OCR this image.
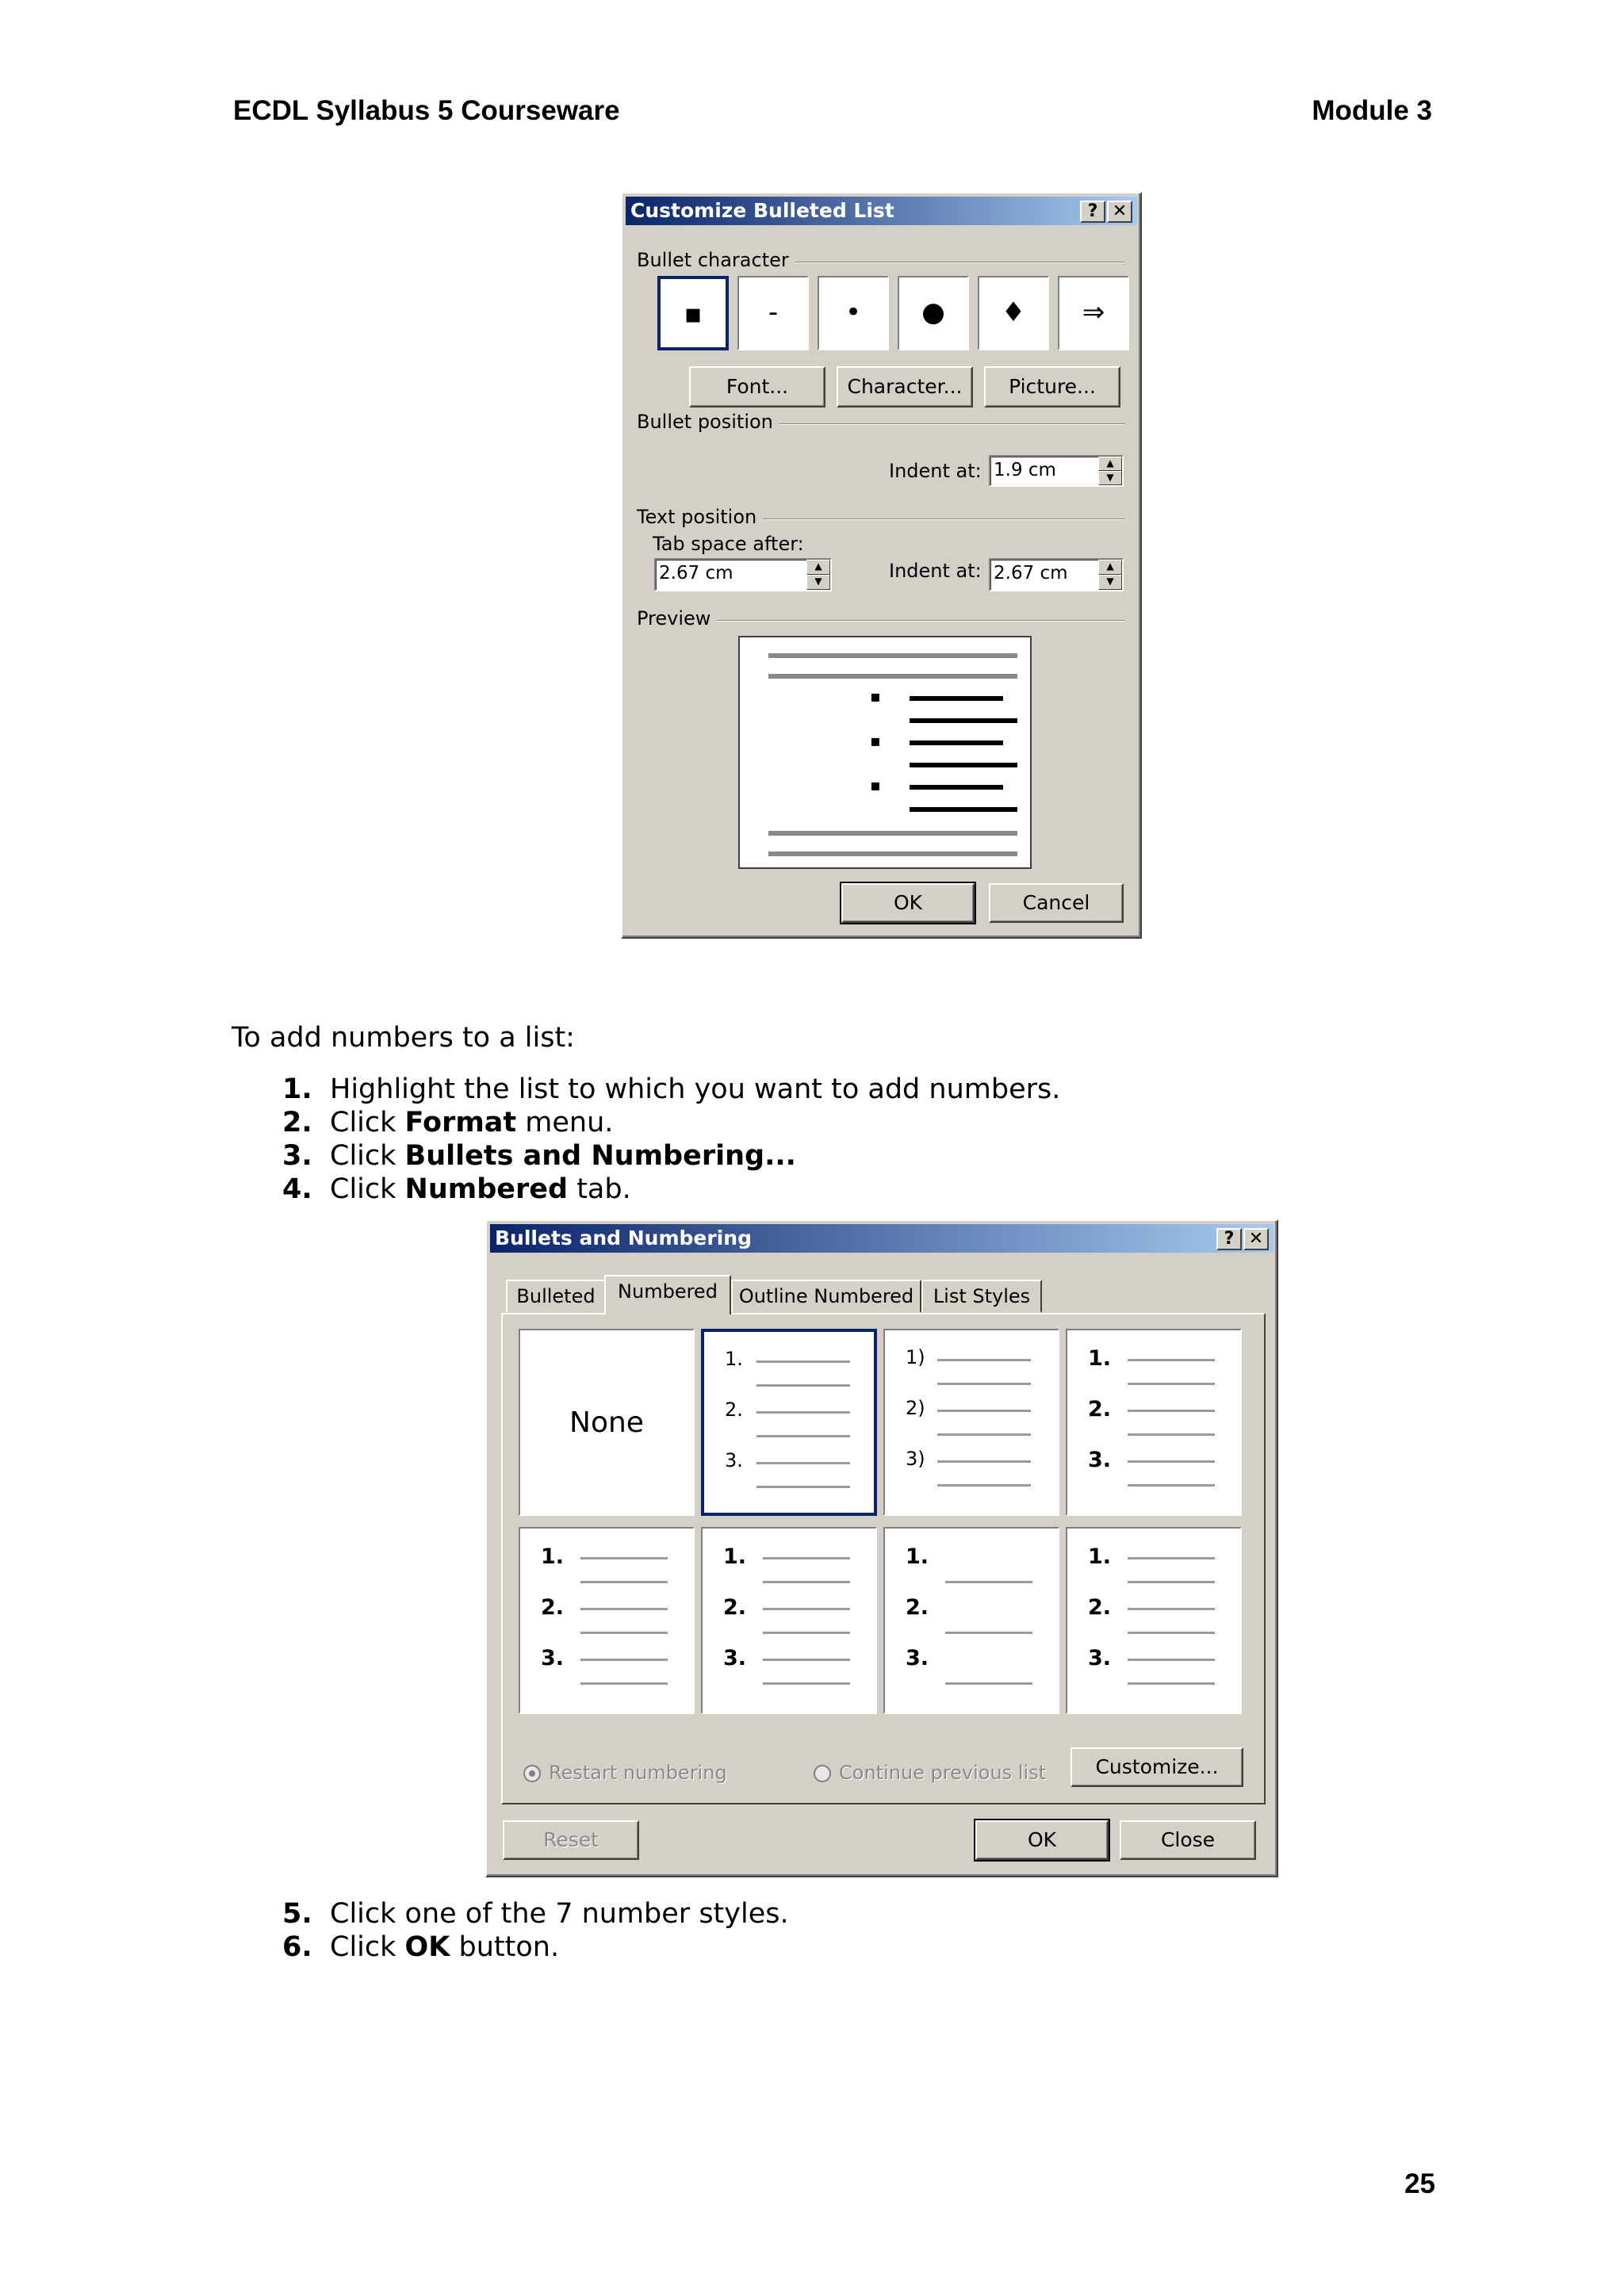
ECDL Syllabus 5 Courseware	Module 3
Customize Bulleted List	? ✕
Bullet character
▪	-	•	●	♦	⇒
Font...	Character...	Picture...
Bullet position
Indent at: 1.9 cm	▲
▼
Text position
Tab space after:
2.67 cm	▲
▼	Indent at: 2.67 cm	▲
▼
Preview
▪
▪
▪
OK	Cancel
To add numbers to a list:
1. Highlight the list to which you want to add numbers.
2. Click Format menu.
3. Click Bullets and Numbering...
4. Click Numbered tab.
Bullets and Numbering	? ✕
Bulleted	Numbered	Outline Numbered	List Styles
None
1.
2.
3.
1)
2)
3)
1.
2.
3.
1.
2.
3.
1.
2.
3.
1.
2.
3.
1.
2.
3.
Restart numbering	Continue previous list	Customize...
Reset	OK	Close
5. Click one of the 7 number styles.
6. Click OK button.
25
